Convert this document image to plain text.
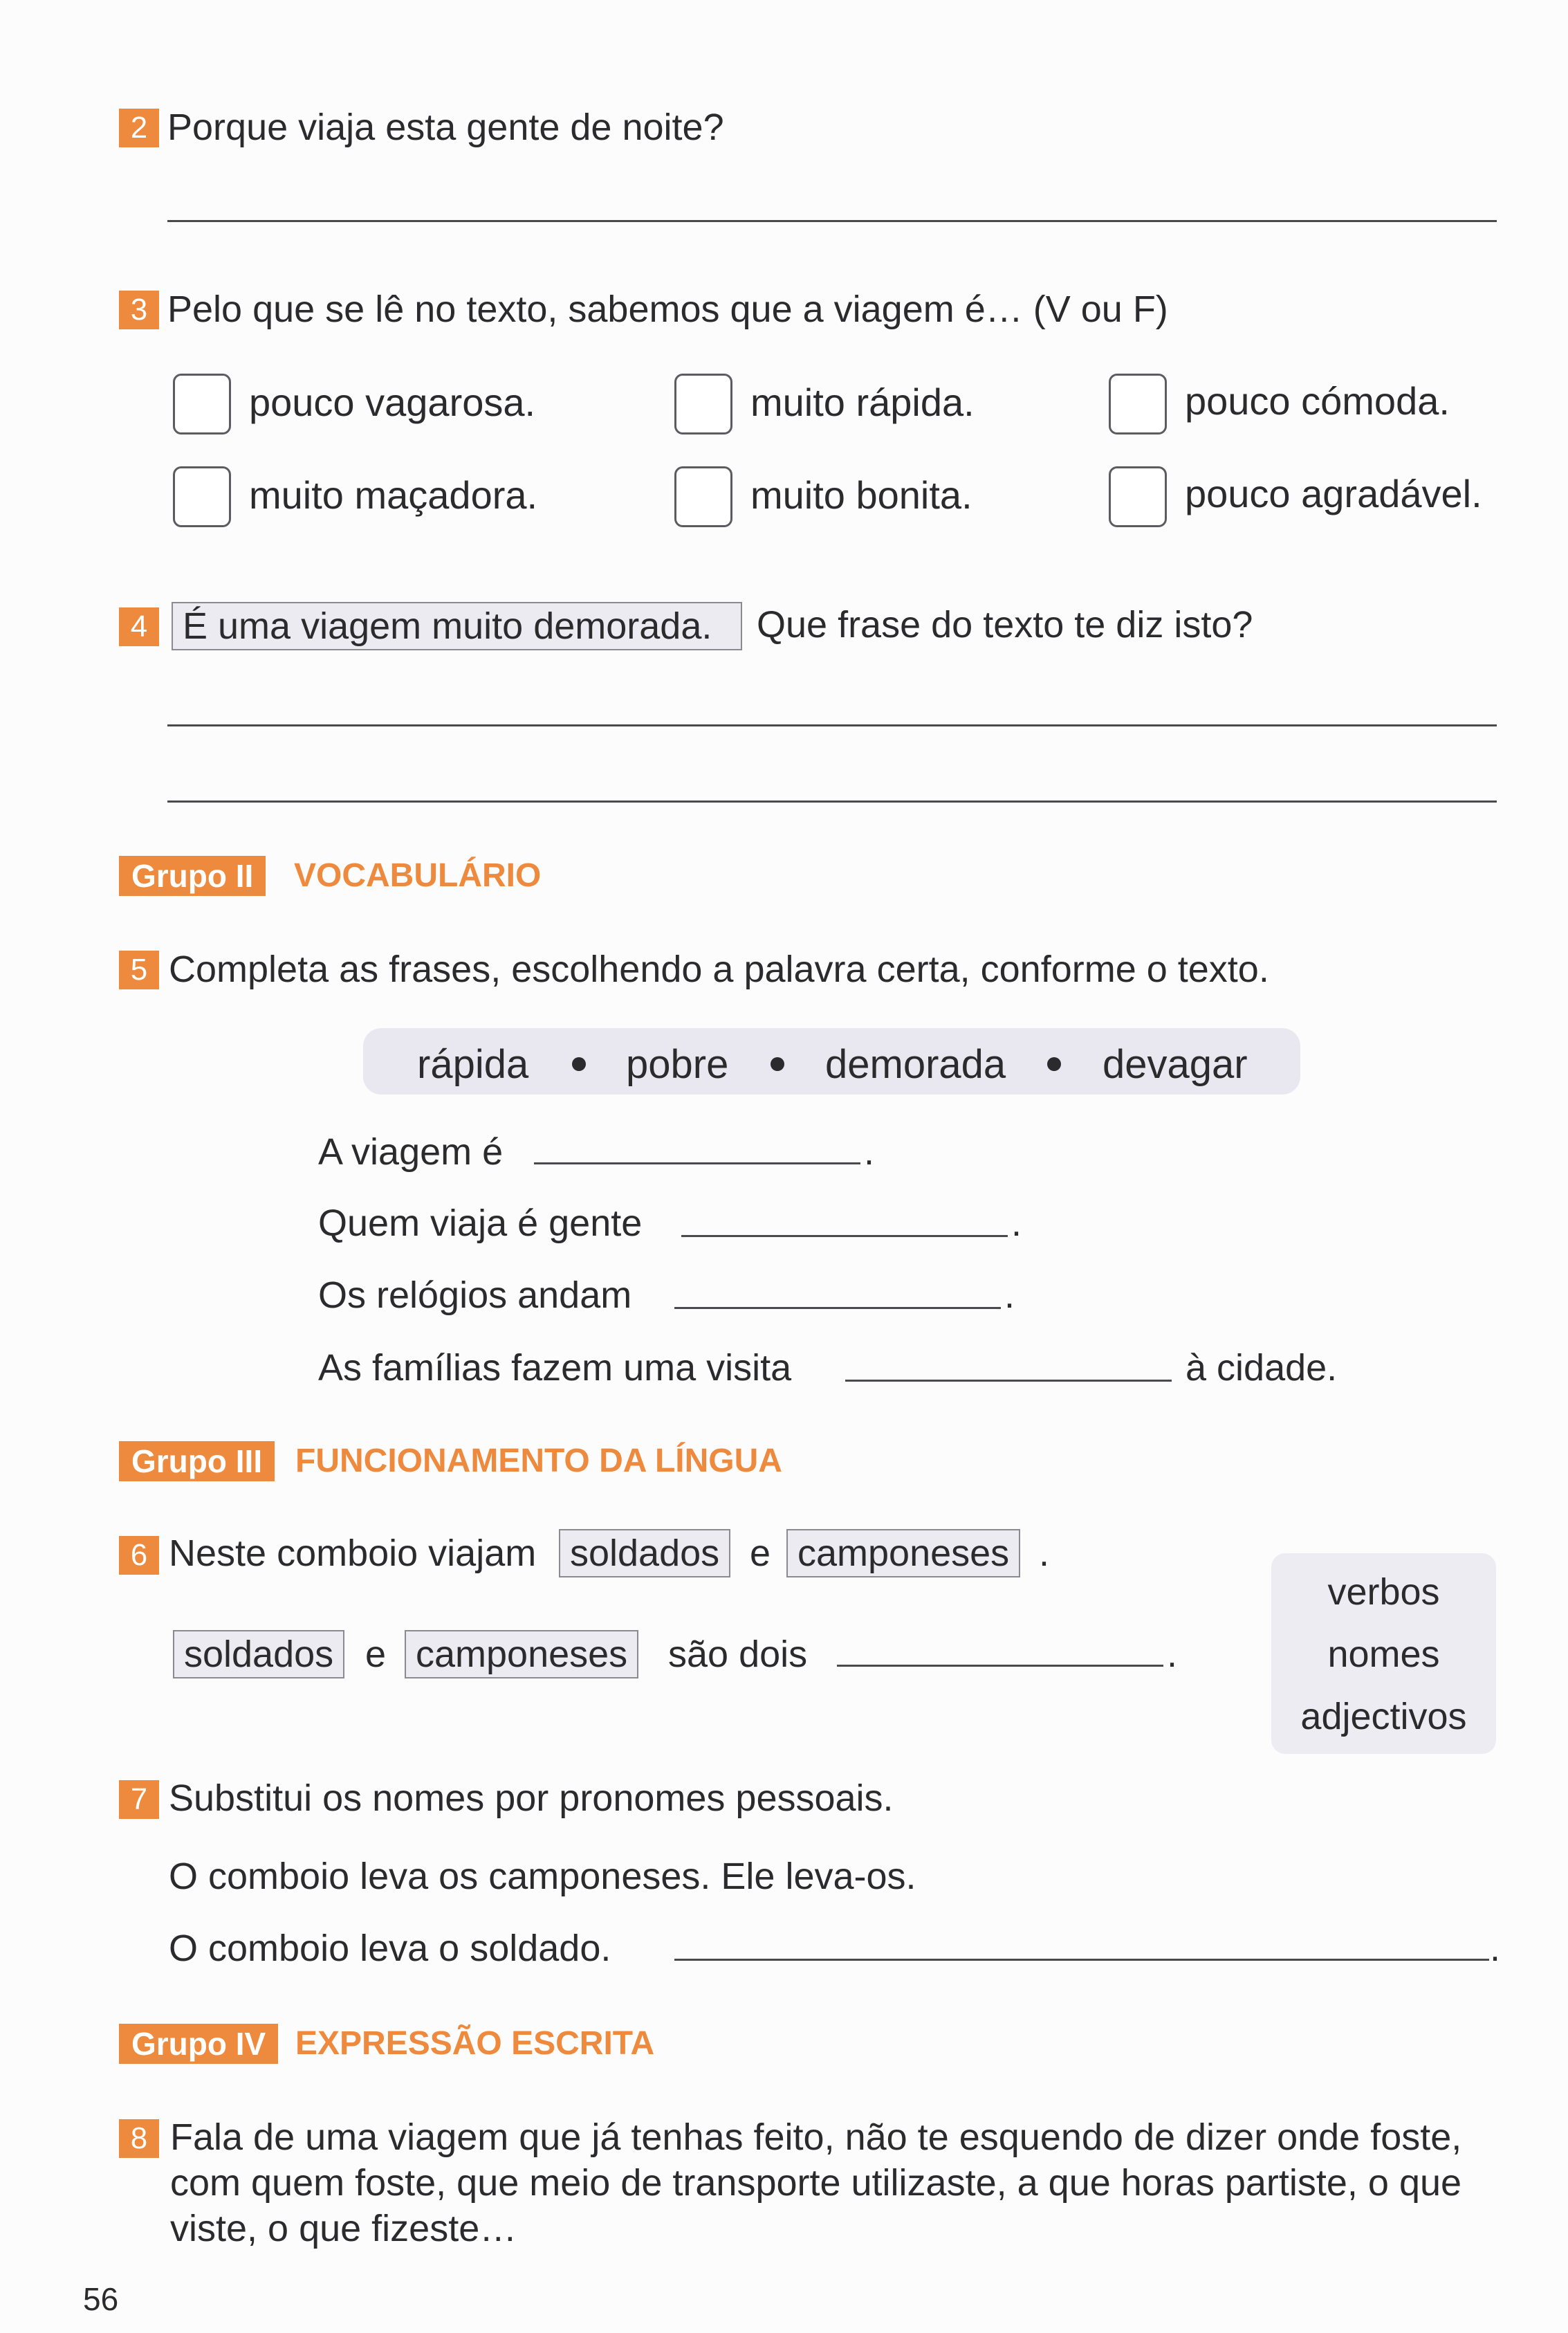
2 Porque viaja esta gente de noite?
3 Pelo que se lê no texto, sabemos que a viagem é… (V ou F)
pouco vagarosa.	muito rápida.	pouco cómoda.
muito maçadora.	muito bonita.	pouco agradável.
4 É uma viagem muito demorada.	Que frase do texto te diz isto?
Grupo II	VOCABULÁRIO
5 Completa as frases, escolhendo a palavra certa, conforme o texto.
rápida pobre demorada devagar
A viagem é	.
Quem viaja é gente	.
Os relógios andam	.
As famílias fazem uma visita	à cidade.
Grupo III FUNCIONAMENTO DA LÍNGUA
6 Neste comboio viajam soldados e camponeses .
soldados e camponeses são dois	.
verbos
nomes
adjectivos
7 Substitui os nomes por pronomes pessoais.
O comboio leva os camponeses. Ele leva-os.
O comboio leva o soldado.	.
Grupo IV EXPRESSÃO ESCRITA
8 Fala de uma viagem que já tenhas feito, não te esquendo de dizer onde foste,
com quem foste, que meio de transporte utilizaste, a que horas partiste, o que
viste, o que fizeste…
56
